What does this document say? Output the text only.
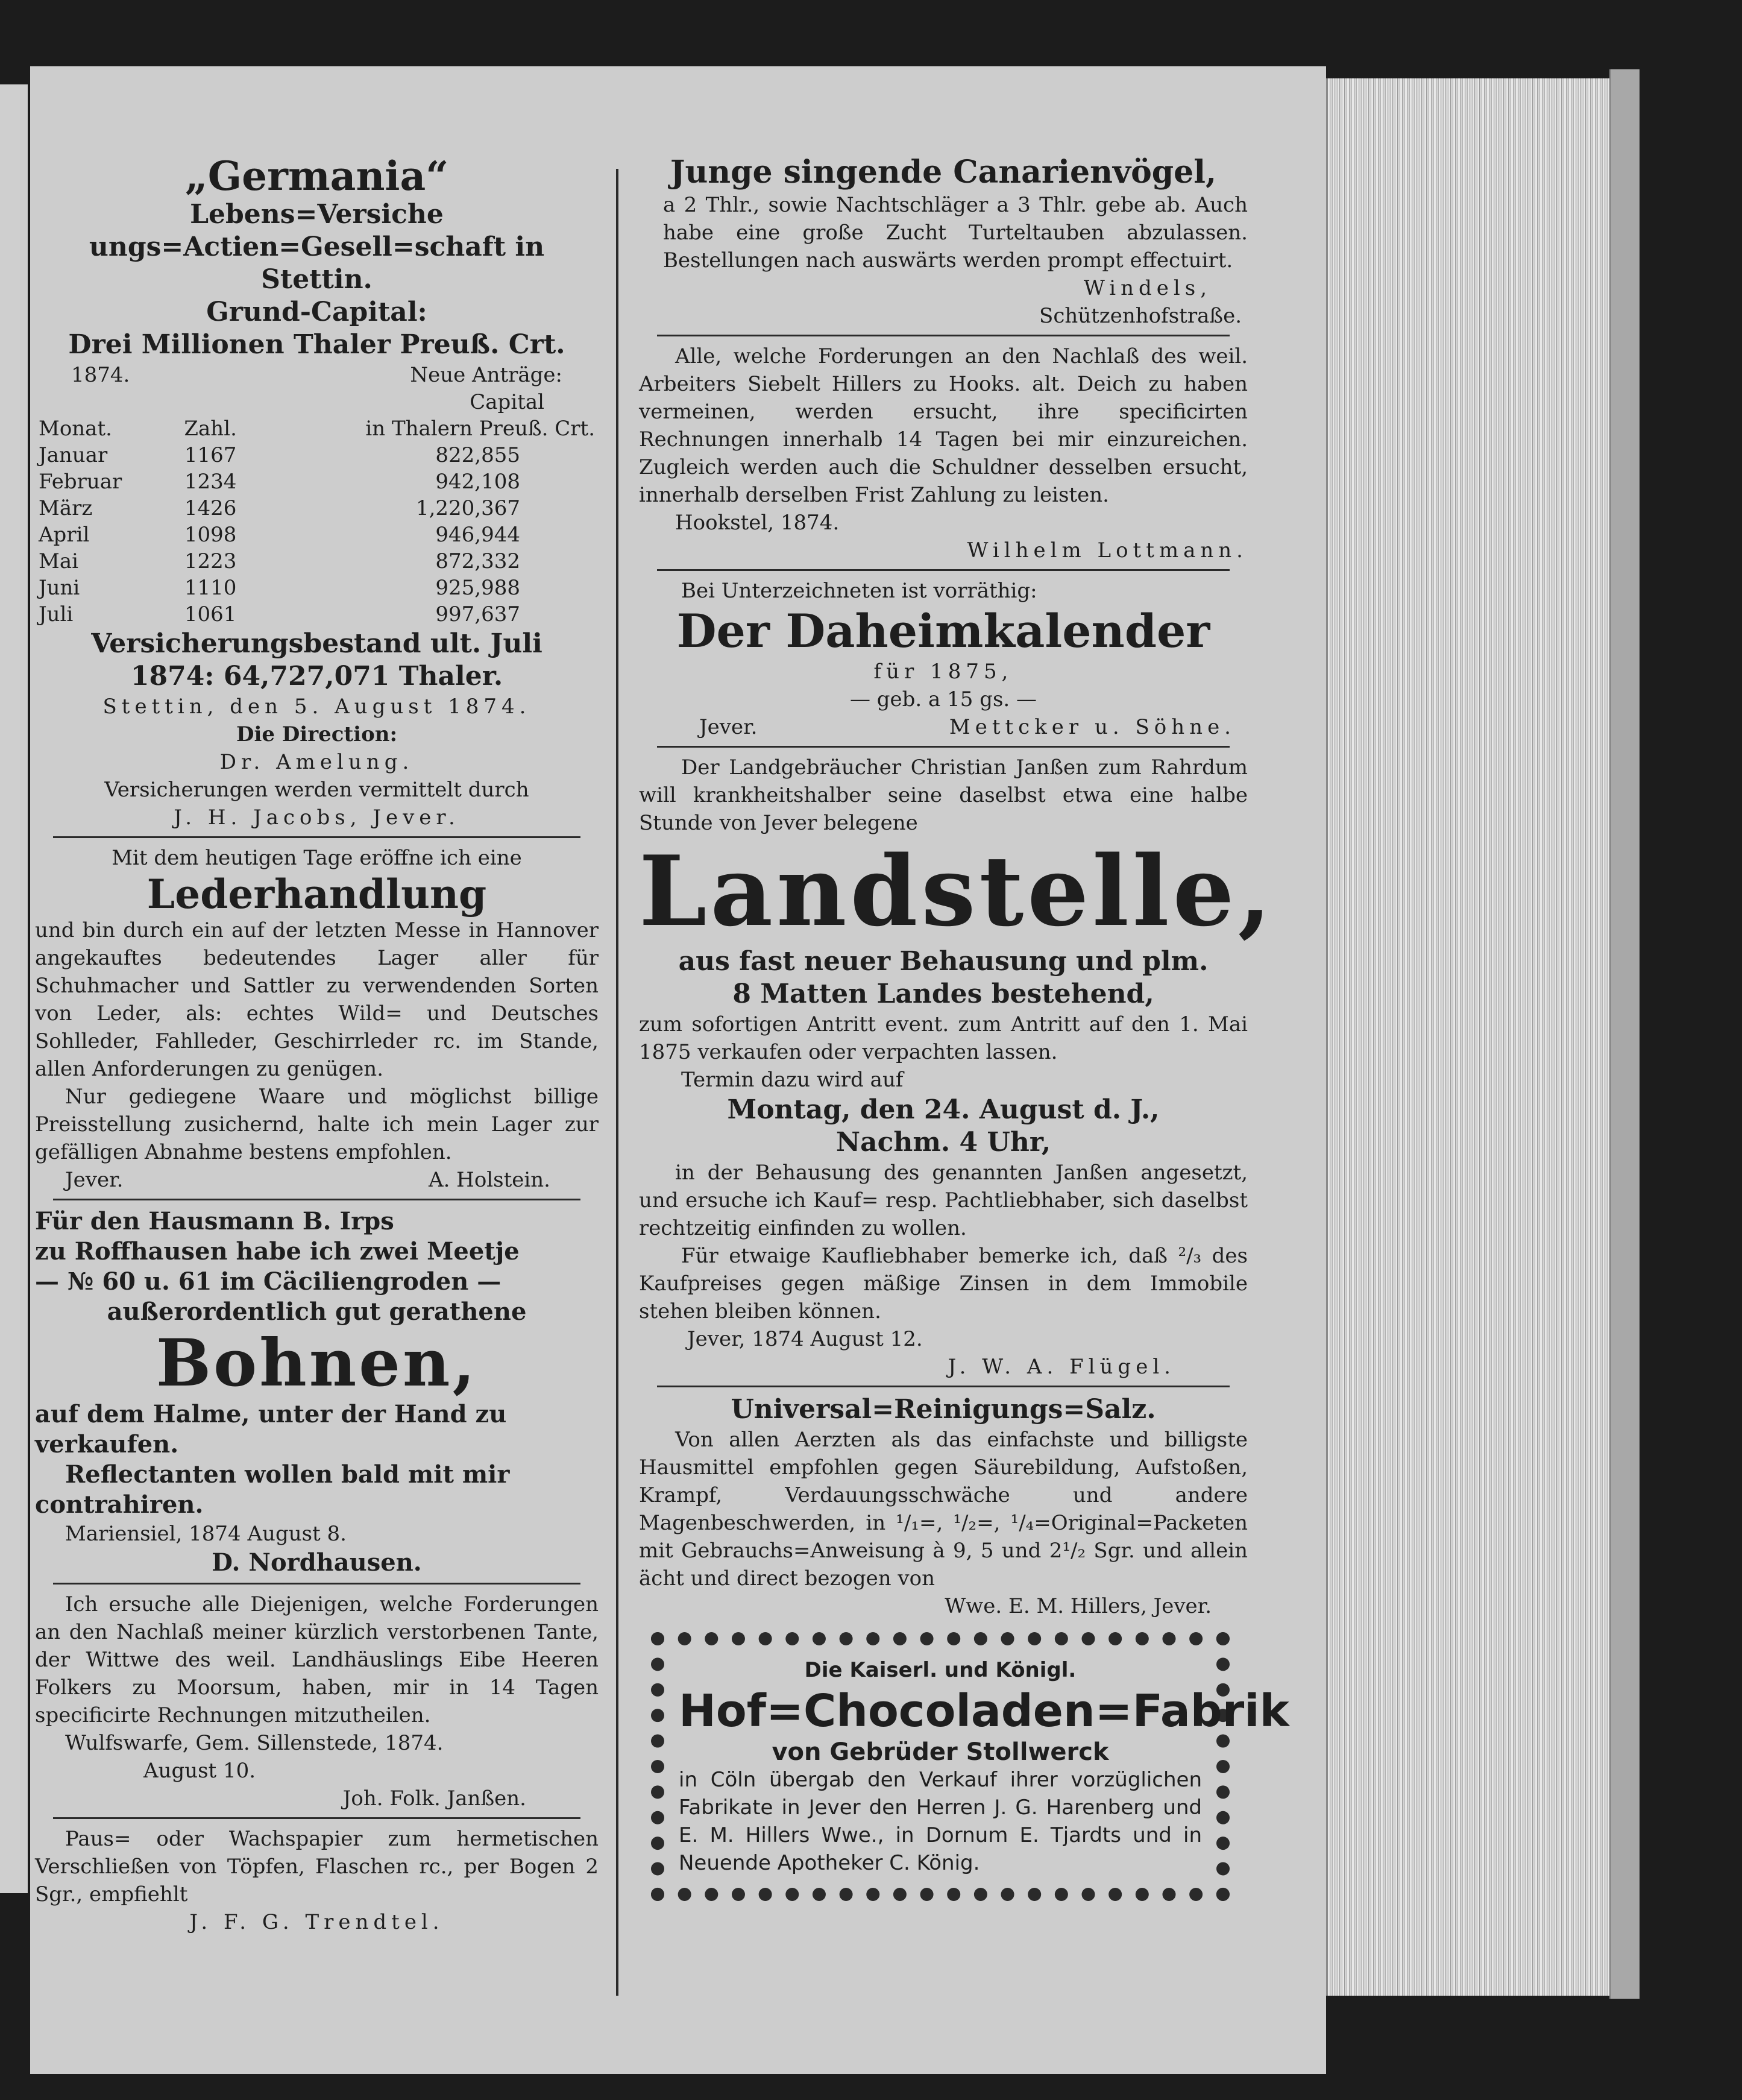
„Germania“

Lebens=Versiche ungs=Actien=Gesell=schaft in Stettin.

Grund-Capital:

Drei Millionen Thaler Preuß. Crt.

1874.	Neue Anträge:
		Capital
Monat.	Zahl.	in Thalern Preuß. Crt.
Januar	1167	822,855
Februar	1234	942,108
März	1426	1,220,367
April	1098	946,944
Mai	1223	872,332
Juni	1110	925,988
Juli	1061	997,637

Versicherungsbestand ult. Juli

1874: 64,727,071 Thaler.

Stettin, den 5. August 1874.

Die Direction:

Dr. Amelung.

Versicherungen werden vermittelt durch

J. H. Jacobs, Jever.

Mit dem heutigen Tage eröffne ich eine

Lederhandlung

und bin durch ein auf der letzten Messe in Hannover angekauftes bedeutendes Lager aller für Schuhmacher und Sattler zu verwendenden Sorten von Leder, als: echtes Wild= und Deutsches Sohlleder, Fahlleder, Geschirrleder rc. im Stande, allen Anforderungen zu genügen.

Nur gediegene Waare und möglichst billige Preisstellung zusichernd, halte ich mein Lager zur gefälligen Abnahme bestens empfohlen.

Jever.	A. Holstein.

Für den Hausmann B. Irps

zu Roffhausen habe ich zwei Meetje

— № 60 u. 61 im Cäciliengroden —

außerordentlich gut gerathene

Bohnen,

auf dem Halme, unter der Hand zu verkaufen.

Reflectanten wollen bald mit mir contrahiren.

Mariensiel, 1874 August 8.

D. Nordhausen.

Ich ersuche alle Diejenigen, welche Forderungen an den Nachlaß meiner kürzlich verstorbenen Tante, der Wittwe des weil. Landhäuslings Eibe Heeren Folkers zu Moorsum, haben, mir in 14 Tagen specificirte Rechnungen mitzutheilen.

Wulfswarfe, Gem. Sillenstede, 1874.

August 10.

Joh. Folk. Janßen.

Paus= oder Wachspapier zum hermetischen Verschließen von Töpfen, Flaschen rc., per Bogen 2 Sgr., empfiehlt

J. F. G. Trendtel.

Junge singende Canarienvögel,

a 2 Thlr., sowie Nachtschläger a 3 Thlr. gebe ab. Auch habe eine große Zucht Turteltauben abzulassen. Bestellungen nach auswärts werden prompt effectuirt.

Windels,

Schützenhofstraße.

Alle, welche Forderungen an den Nachlaß des weil. Arbeiters Siebelt Hillers zu Hooks. alt. Deich zu haben vermeinen, werden ersucht, ihre specificirten Rechnungen innerhalb 14 Tagen bei mir einzureichen. Zugleich werden auch die Schuldner desselben ersucht, innerhalb derselben Frist Zahlung zu leisten.

Hookstel, 1874.

Wilhelm Lottmann.

Bei Unterzeichneten ist vorräthig:

Der Daheimkalender

für 1875,

— geb. a 15 gs. —

Jever.	Mettcker u. Söhne.

Der Landgebräucher Christian Janßen zum Rahrdum will krankheitshalber seine daselbst etwa eine halbe Stunde von Jever belegene

Landstelle,

aus fast neuer Behausung und plm.

8 Matten Landes bestehend,

zum sofortigen Antritt event. zum Antritt auf den 1. Mai 1875 verkaufen oder verpachten lassen.

Termin dazu wird auf

Montag, den 24. August d. J.,

Nachm. 4 Uhr,

in der Behausung des genannten Janßen angesetzt, und ersuche ich Kauf= resp. Pachtliebhaber, sich daselbst rechtzeitig einfinden zu wollen.

Für etwaige Kaufliebhaber bemerke ich, daß ²/₃ des Kaufpreises gegen mäßige Zinsen in dem Immobile stehen bleiben können.

Jever, 1874 August 12.

J. W. A. Flügel.

Universal=Reinigungs=Salz.

Von allen Aerzten als das einfachste und billigste Hausmittel empfohlen gegen Säurebildung, Aufstoßen, Krampf, Verdauungsschwäche und andere Magenbeschwerden, in ¹/₁=, ¹/₂=, ¹/₄=Original=Packeten mit Gebrauchs=Anweisung à 9, 5 und 2¹/₂ Sgr. und allein ächt und direct bezogen von

Wwe. E. M. Hillers, Jever.

Die Kaiserl. und Königl.

Hof=Chocoladen=Fabrik

von Gebrüder Stollwerck

in Cöln übergab den Verkauf ihrer vorzüglichen Fabrikate in Jever den Herren J. G. Harenberg und E. M. Hillers Wwe., in Dornum E. Tjardts und in Neuende Apotheker C. König.
